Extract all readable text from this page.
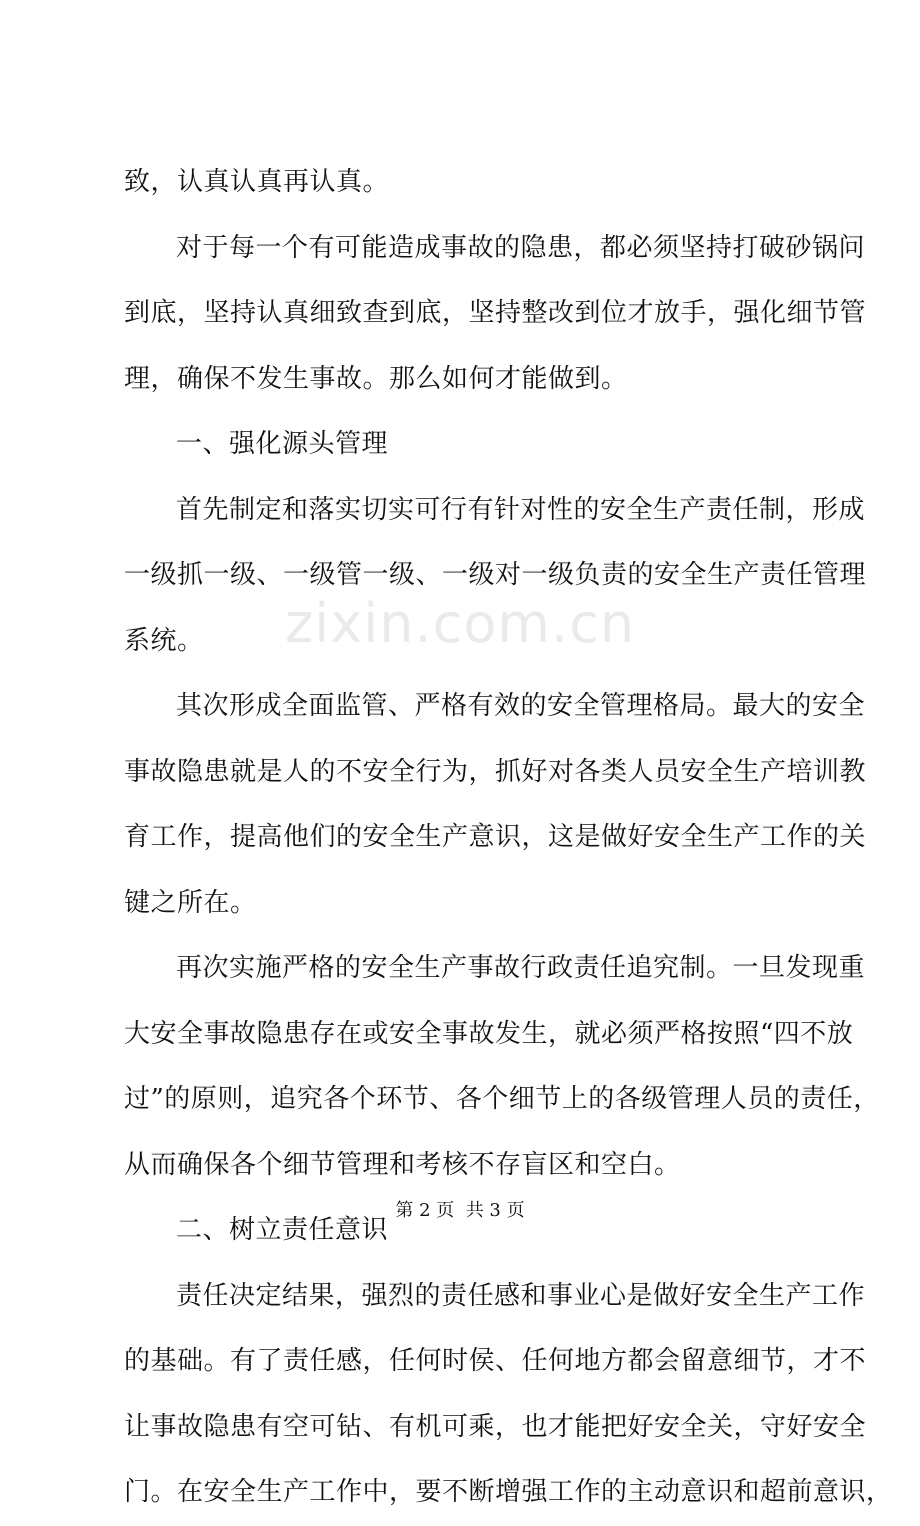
zixin.com.cn
致，认真认真再认真。
对于每一个有可能造成事故的隐患，都必须坚持打破砂锅问
到底，坚持认真细致查到底，坚持整改到位才放手，强化细节管
理，确保不发生事故。那么如何才能做到。
一、强化源头管理
首先制定和落实切实可行有针对性的安全生产责任制，形成
一级抓一级、一级管一级、一级对一级负责的安全生产责任管理
系统。
其次形成全面监管、严格有效的安全管理格局。最大的安全
事故隐患就是人的不安全行为，抓好对各类人员安全生产培训教
育工作，提高他们的安全生产意识，这是做好安全生产工作的关
键之所在。
再次实施严格的安全生产事故行政责任追究制。一旦发现重
大安全事故隐患存在或安全事故发生，就必须严格按照“四不放
过”的原则，追究各个环节、各个细节上的各级管理人员的责任，
从而确保各个细节管理和考核不存盲区和空白。
二、树立责任意识
责任决定结果，强烈的责任感和事业心是做好安全生产工作
的基础。有了责任感，任何时侯、任何地方都会留意细节，才不
让事故隐患有空可钻、有机可乘，也才能把好安全关，守好安全
门。在安全生产工作中，要不断增强工作的主动意识和超前意识，
第 2 页  共 3 页
